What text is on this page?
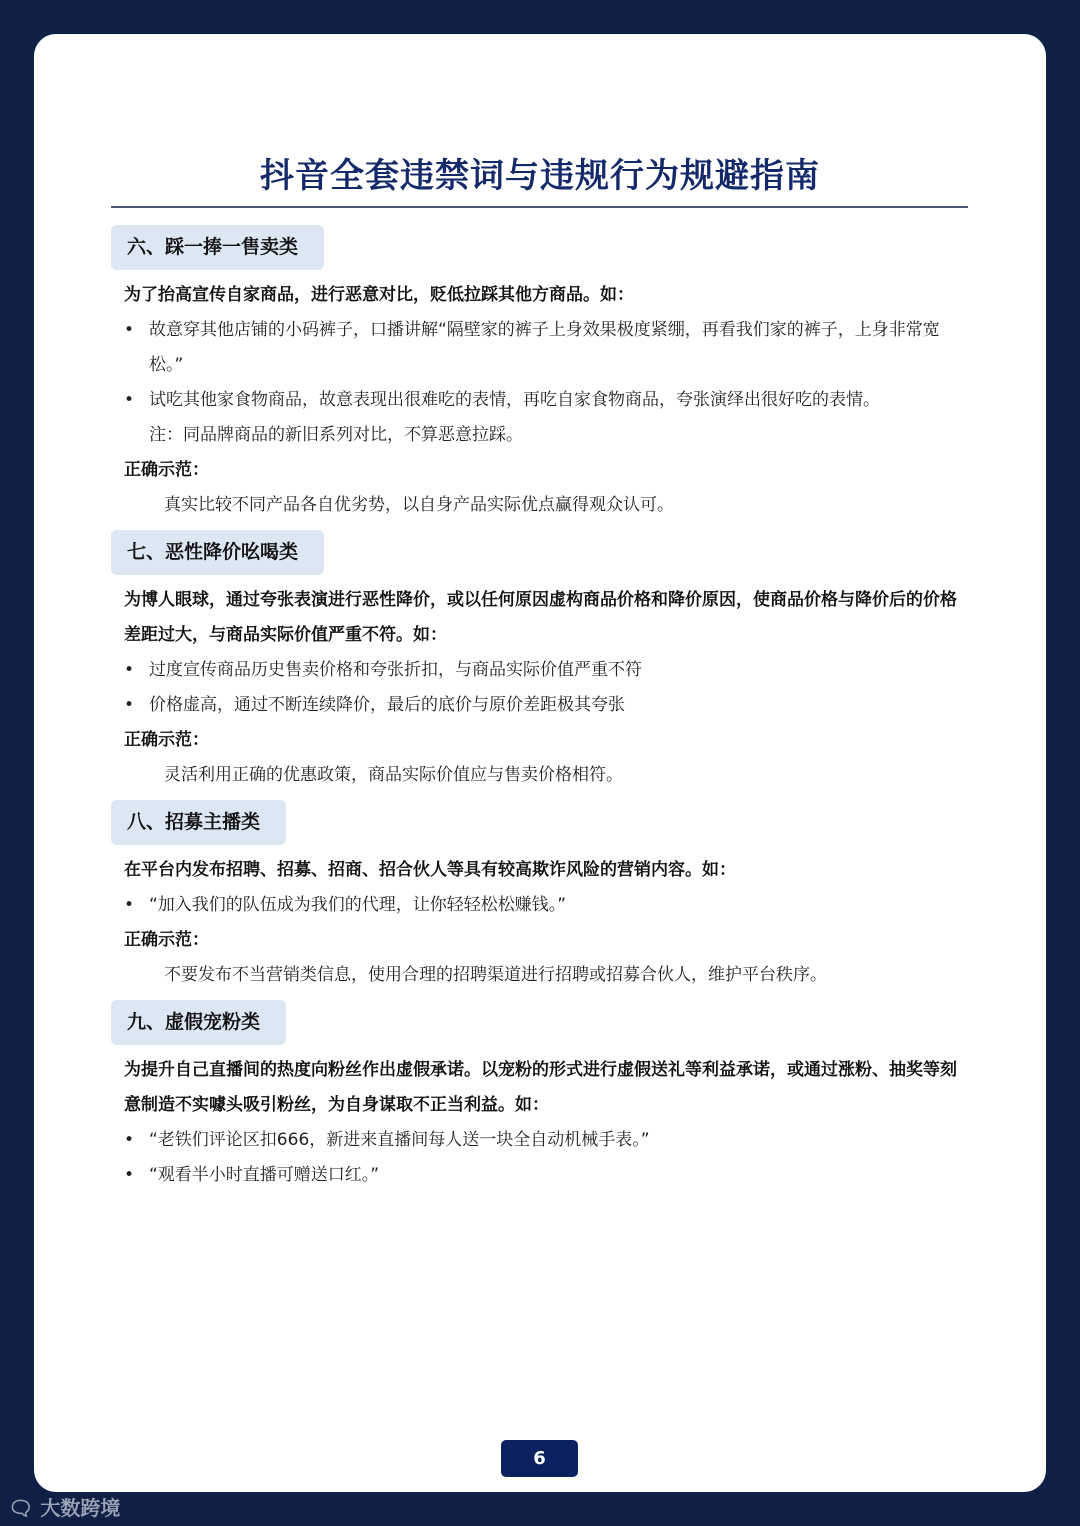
抖音全套违禁词与违规行为规避指南
六、踩一捧一售卖类
为了抬高宣传自家商品，进行恶意对比，贬低拉踩其他方商品。如：
• 故意穿其他店铺的小码裤子，口播讲解“隔壁家的裤子上身效果极度紧绷，再看我们家的裤子，上身非常宽松。”
• 试吃其他家食物商品，故意表现出很难吃的表情，再吃自家食物商品，夸张演绎出很好吃的表情。
注：同品牌商品的新旧系列对比，不算恶意拉踩。
正确示范：
真实比较不同产品各自优劣势，以自身产品实际优点赢得观众认可。
七、恶性降价吆喝类
为博人眼球，通过夸张表演进行恶性降价，或以任何原因虚构商品价格和降价原因，使商品价格与降价后的价格差距过大，与商品实际价值严重不符。如：
• 过度宣传商品历史售卖价格和夸张折扣，与商品实际价值严重不符
• 价格虚高，通过不断连续降价，最后的底价与原价差距极其夸张
正确示范：
灵活利用正确的优惠政策，商品实际价值应与售卖价格相符。
八、招募主播类
在平台内发布招聘、招募、招商、招合伙人等具有较高欺诈风险的营销内容。如：
• “加入我们的队伍成为我们的代理，让你轻轻松松赚钱。”
正确示范：
不要发布不当营销类信息，使用合理的招聘渠道进行招聘或招募合伙人，维护平台秩序。
九、虚假宠粉类
为提升自己直播间的热度向粉丝作出虚假承诺。以宠粉的形式进行虚假送礼等利益承诺，或通过涨粉、抽奖等刻意制造不实噱头吸引粉丝，为自身谋取不正当利益。如：
• “老铁们评论区扣666，新进来直播间每人送一块全自动机械手表。”
• “观看半小时直播可赠送口红。”
6
🗨︎ 大数跨境
